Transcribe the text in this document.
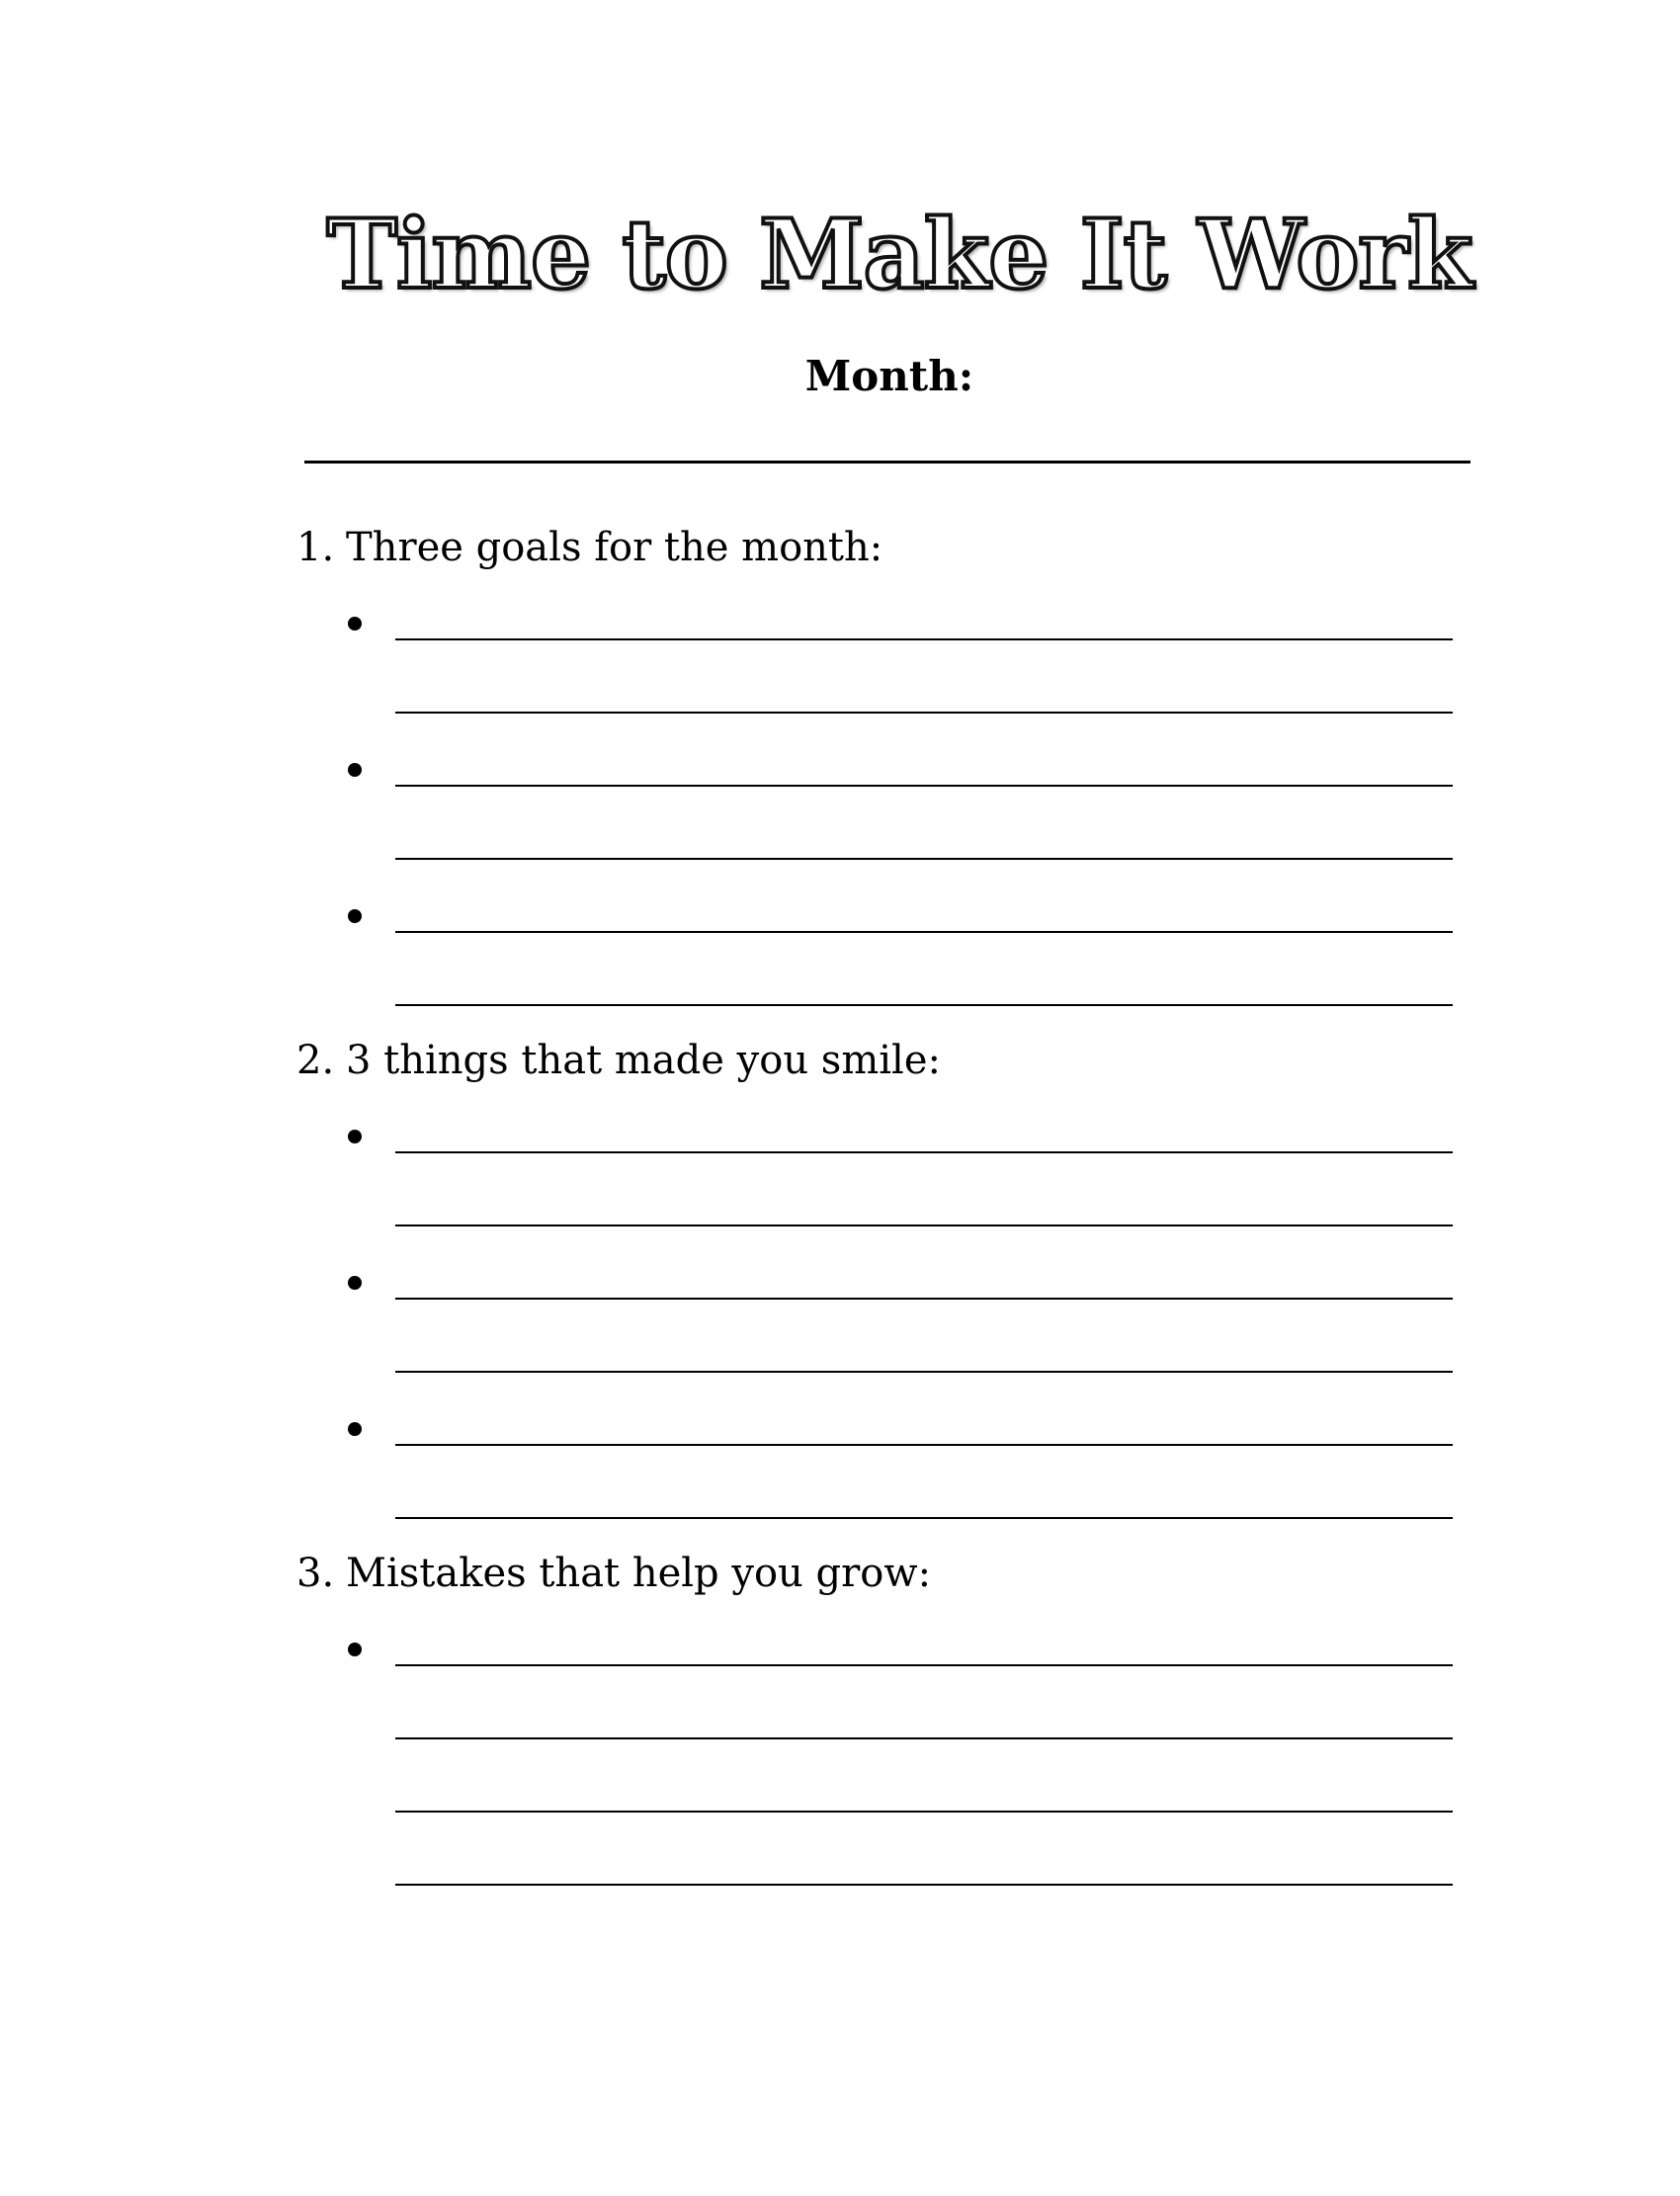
Time to Make It Work
Month:
1. Three goals for the month:
2. 3 things that made you smile:
3. Mistakes that help you grow:
